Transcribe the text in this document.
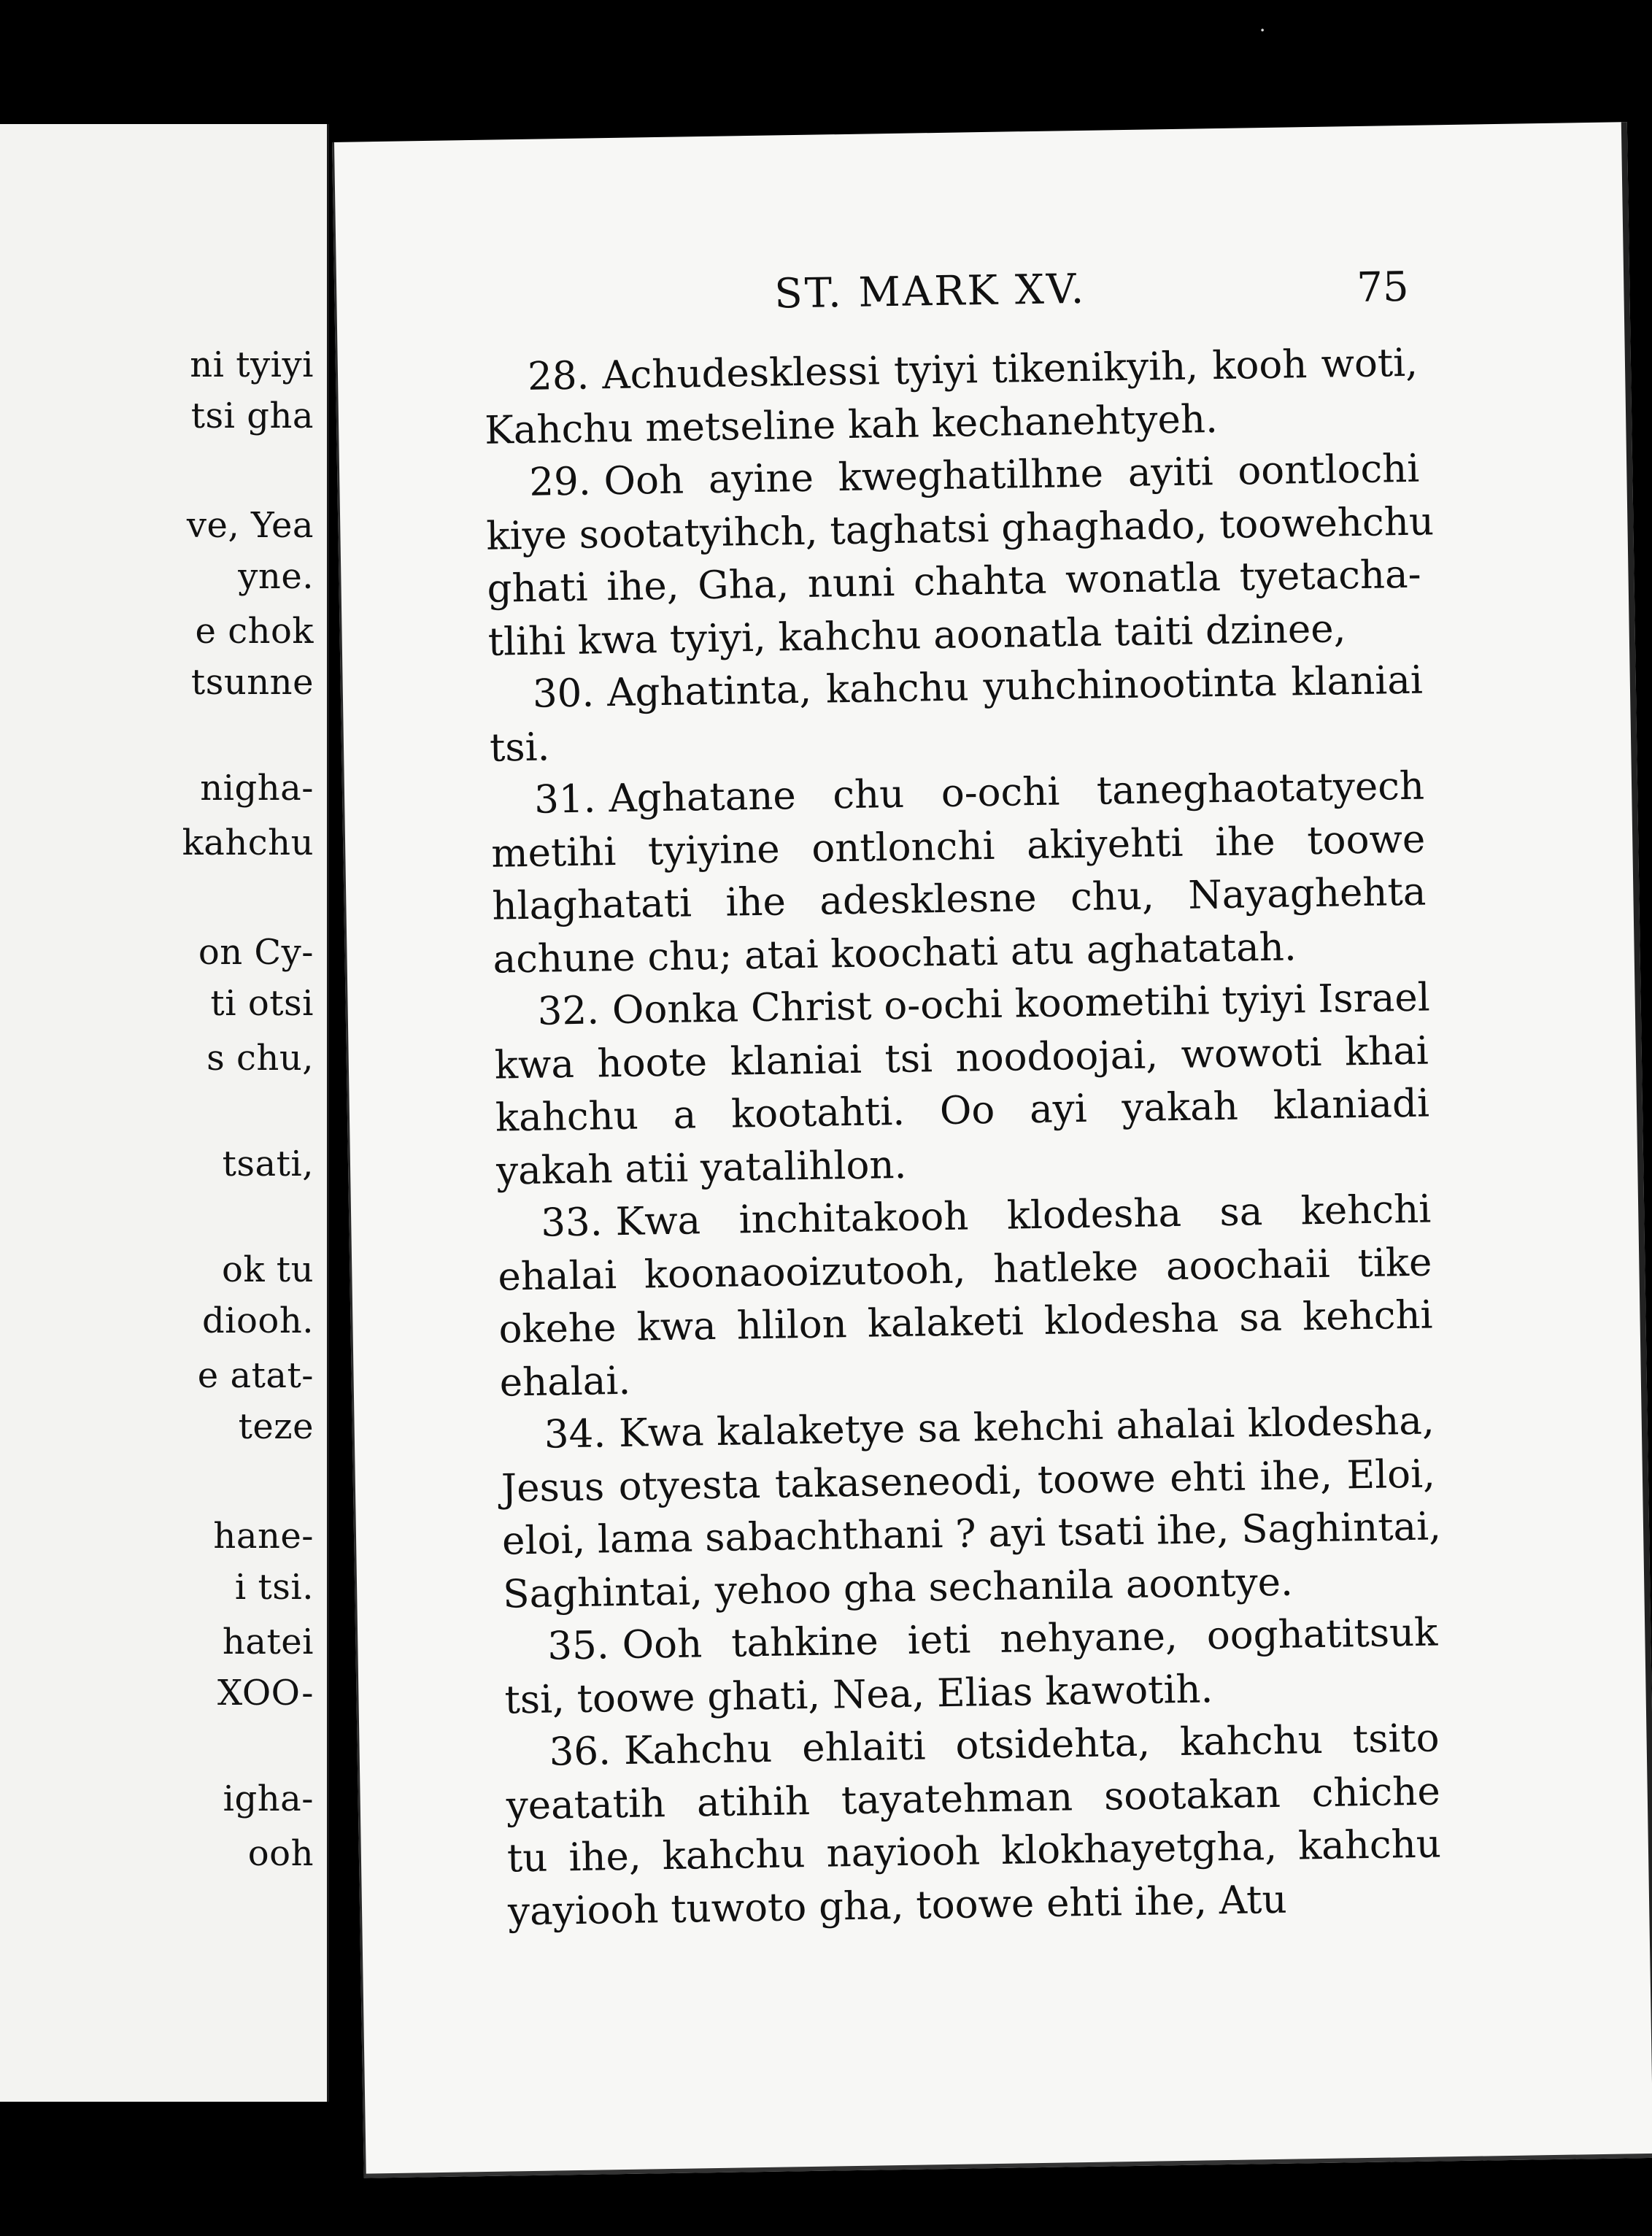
ni tyiyi
tsi gha
ve, Yea
yne.
e chok
tsunne
nigha-
kahchu
on Cy-
ti otsi
s chu,
tsati,
ok tu
diooh.
e atat-
teze
hane-
i tsi.
hatei
XOO-
igha-
ooh
ST. MARK XV.	75

28. Achudesklessi tyiyi tikenikyih, kooh woti,
Kahchu metseline kah kechanehtyeh.

29. Ooh ayine kweghatilhne ayiti oontlochi
kiye sootatyihch, taghatsi ghaghado, toowehchu
ghati ihe, Gha, nuni chahta wonatla tyetacha-
tlihi kwa tyiyi, kahchu aoonatla taiti dzinee,

30. Aghatinta, kahchu yuhchinootinta klaniai
tsi.

31. Aghatane chu o-ochi taneghaotatyech
metihi tyiyine ontlonchi akiyehti ihe toowe
hlaghatati ihe adesklesne chu, Nayaghehta
achune chu; atai koochati atu aghatatah.

32. Oonka Christ o-ochi koometihi tyiyi Israel
kwa hoote klaniai tsi noodoojai, wowoti khai
kahchu a kootahti. Oo ayi yakah klaniadi
yakah atii yatalihlon.

33. Kwa inchitakooh klodesha sa kehchi
ehalai koonaooizutooh, hatleke aoochaii tike
okehe kwa hlilon kalaketi klodesha sa kehchi
ehalai.

34. Kwa kalaketye sa kehchi ahalai klodesha,
Jesus otyesta takaseneodi, toowe ehti ihe, Eloi,
eloi, lama sabachthani ? ayi tsati ihe, Saghintai,
Saghintai, yehoo gha sechanila aoontye.

35. Ooh tahkine ieti nehyane, ooghatitsuk
tsi, toowe ghati, Nea, Elias kawotih.

36. Kahchu ehlaiti otsidehta, kahchu tsito
yeatatih atihih tayatehman sootakan chiche
tu ihe, kahchu nayiooh klokhayetgha, kahchu
yayiooh tuwoto gha, toowe ehti ihe, Atu

·
